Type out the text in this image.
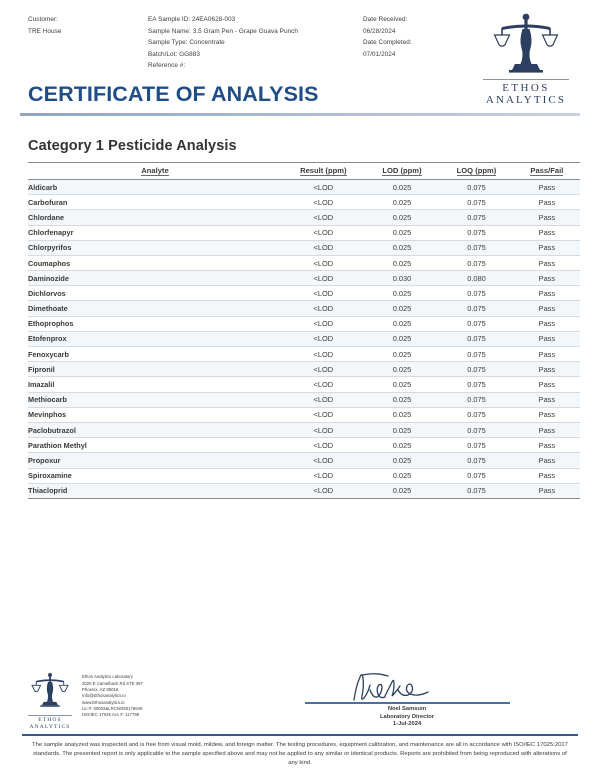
Customer:
TRE House
EA Sample ID: 24EA0628-003
Sample Name: 3.5 Gram Pen - Grape Guava Punch
Sample Type: Concentrate
Batch/Lot: GG883
Reference #:
Date Received:
06/28/2024
Date Completed:
07/01/2024
ETHOS
ANALYTICS
CERTIFICATE OF ANALYSIS
Category 1 Pesticide Analysis
Analyte	Result (ppm)	LOD (ppm)	LOQ (ppm)	Pass/Fail
Aldicarb	<LOD	0.025	0.075	Pass
Carbofuran	<LOD	0.025	0.075	Pass
Chlordane	<LOD	0.025	0.075	Pass
Chlorfenapyr	<LOD	0.025	0.075	Pass
Chlorpyrifos	<LOD	0.025	0.075	Pass
Coumaphos	<LOD	0.025	0.075	Pass
Daminozide	<LOD	0.030	0.080	Pass
Dichlorvos	<LOD	0.025	0.075	Pass
Dimethoate	<LOD	0.025	0.075	Pass
Ethoprophos	<LOD	0.025	0.075	Pass
Etofenprox	<LOD	0.025	0.075	Pass
Fenoxycarb	<LOD	0.025	0.075	Pass
Fipronil	<LOD	0.025	0.075	Pass
Imazalil	<LOD	0.025	0.075	Pass
Methiocarb	<LOD	0.025	0.075	Pass
Mevinphos	<LOD	0.025	0.075	Pass
Paclobutrazol	<LOD	0.025	0.075	Pass
Parathion Methyl	<LOD	0.025	0.075	Pass
Propoxur	<LOD	0.025	0.075	Pass
Spiroxamine	<LOD	0.025	0.075	Pass
Thiacloprid	<LOD	0.025	0.075	Pass
ETHOS
ANALYTICS
Ethos Analytics Laboratory
2020 E Camelback Rd STE 397
Phoenix, AZ 85016
Info@Ethosanalytics.io
www.Ethosanalytics.io
Lic #: 00002&LRCNO60176649
ISO/IEC 17025 Acc #: 117798
Noel Samsum
Laboratory Director
1-Jul-2024
The sample analyzed was inspected and is free from visual mold, mildew, and foreign matter. The testing procedures, equipment calibration, and maintenance are all in accordance with ISO/IEC 17025:2017 standards. The presented report is only applicable to the sample specified above and may not be applied to any similar or identical products. Reports are prohibited from being reproduced with alterations of any kind.
